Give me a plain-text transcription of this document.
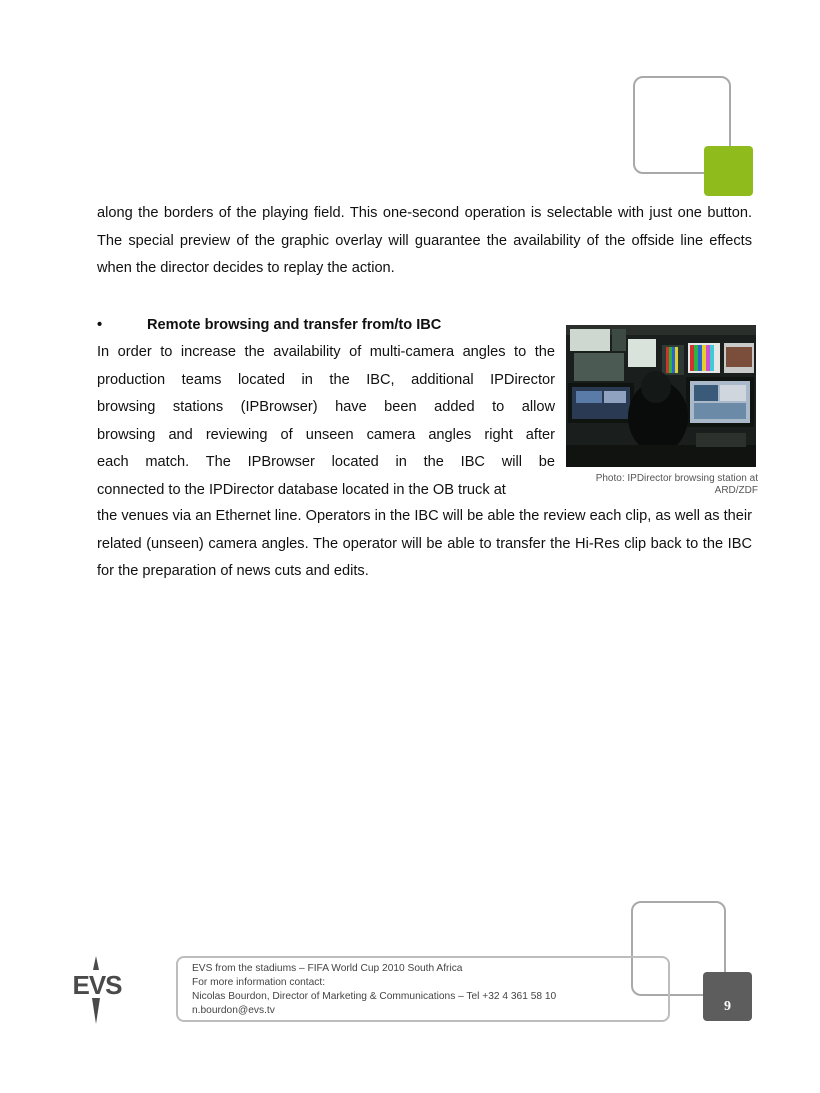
along the borders of the playing field. This one-second operation is selectable with just one button. The special preview of the graphic overlay will guarantee the availability of the offside line effects when the director decides to replay the action.

•	Remote browsing and transfer from/to IBC
In order to increase the availability of multi-camera angles to the
production teams located in the IBC, additional IPDirector
browsing stations (IPBrowser) have been added to allow
browsing and reviewing of unseen camera angles right after
each match. The IPBrowser located in the IBC will be
connected to the IPDirector database located in the OB truck at
Photo: IPDirector browsing station at ARD/ZDF

the venues via an Ethernet line. Operators in the IBC will be able the review each clip, as well as their related (unseen) camera angles. The operator will be able to transfer the Hi-Res clip back to the IBC for the preparation of news cuts and edits.

EVS
EVS from the stadiums – FIFA World Cup 2010 South Africa
For more information contact:
Nicolas Bourdon, Director of Marketing & Communications – Tel +32 4 361 58 10
n.bourdon@evs.tv	9
